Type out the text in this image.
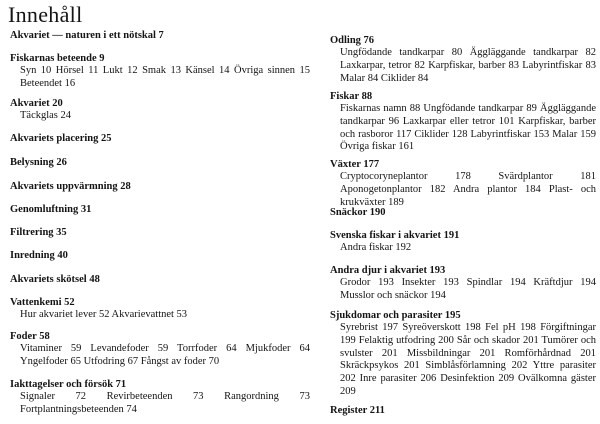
Innehåll
Akvariet — naturen i ett nötskal 7
Fiskarnas beteende 9
Syn 10 Hörsel 11 Lukt 12 Smak 13 Känsel 14 Övriga sinnen 15 Beteendet 16
Akvariet 20
Täckglas 24
Akvariets placering 25
Belysning 26
Akvariets uppvärmning 28
Genomluftning 31
Filtrering 35
Inredning 40
Akvariets skötsel 48
Vattenkemi 52
Hur akvariet lever 52 Akvarievattnet 53
Foder 58
Vitaminer 59 Levandefoder 59 Torrfoder 64 Mjukfoder 64 Yngelfoder 65 Utfodring 67 Fångst av foder 70
Iakttagelser och försök 71
Signaler 72 Revirbeteenden 73 Rangordning 73 Fortplantningsbeteenden 74
Odling 76
Ungfödande tandkarpar 80 Äggläggande tandkarpar 82 Laxkarpar, tetror 82 Karpfiskar, barber 83 Labyrintfiskar 83 Malar 84 Ciklider 84
Fiskar 88
Fiskarnas namn 88 Ungfödande tandkarpar 89 Äggläggande tandkarpar 96 Laxkarpar eller tetror 101 Karpfiskar, barber och rasboror 117 Ciklider 128 Labyrintfiskar 153 Malar 159 Övriga fiskar 161
Växter 177
Cryptocoryneplantor 178 Svärdplantor 181 Aponogetonplantor 182 Andra plantor 184 Plast- och krukväxter 189
Snäckor 190
Svenska fiskar i akvariet 191
Andra fiskar 192
Andra djur i akvariet 193
Grodor 193 Insekter 193 Spindlar 194 Kräftdjur 194 Musslor och snäckor 194
Sjukdomar och parasiter 195
Syrebrist 197 Syreöverskott 198 Fel pH 198 Förgiftningar 199 Felaktig utfodring 200 Sår och skador 201 Tumörer och svulster 201 Missbildningar 201 Romförhårdnad 201 Skräckpsykos 201 Simblåsförlamning 202 Yttre parasiter 202 Inre parasiter 206 Desinfektion 209 Ovälkomna gäster 209
Register 211
